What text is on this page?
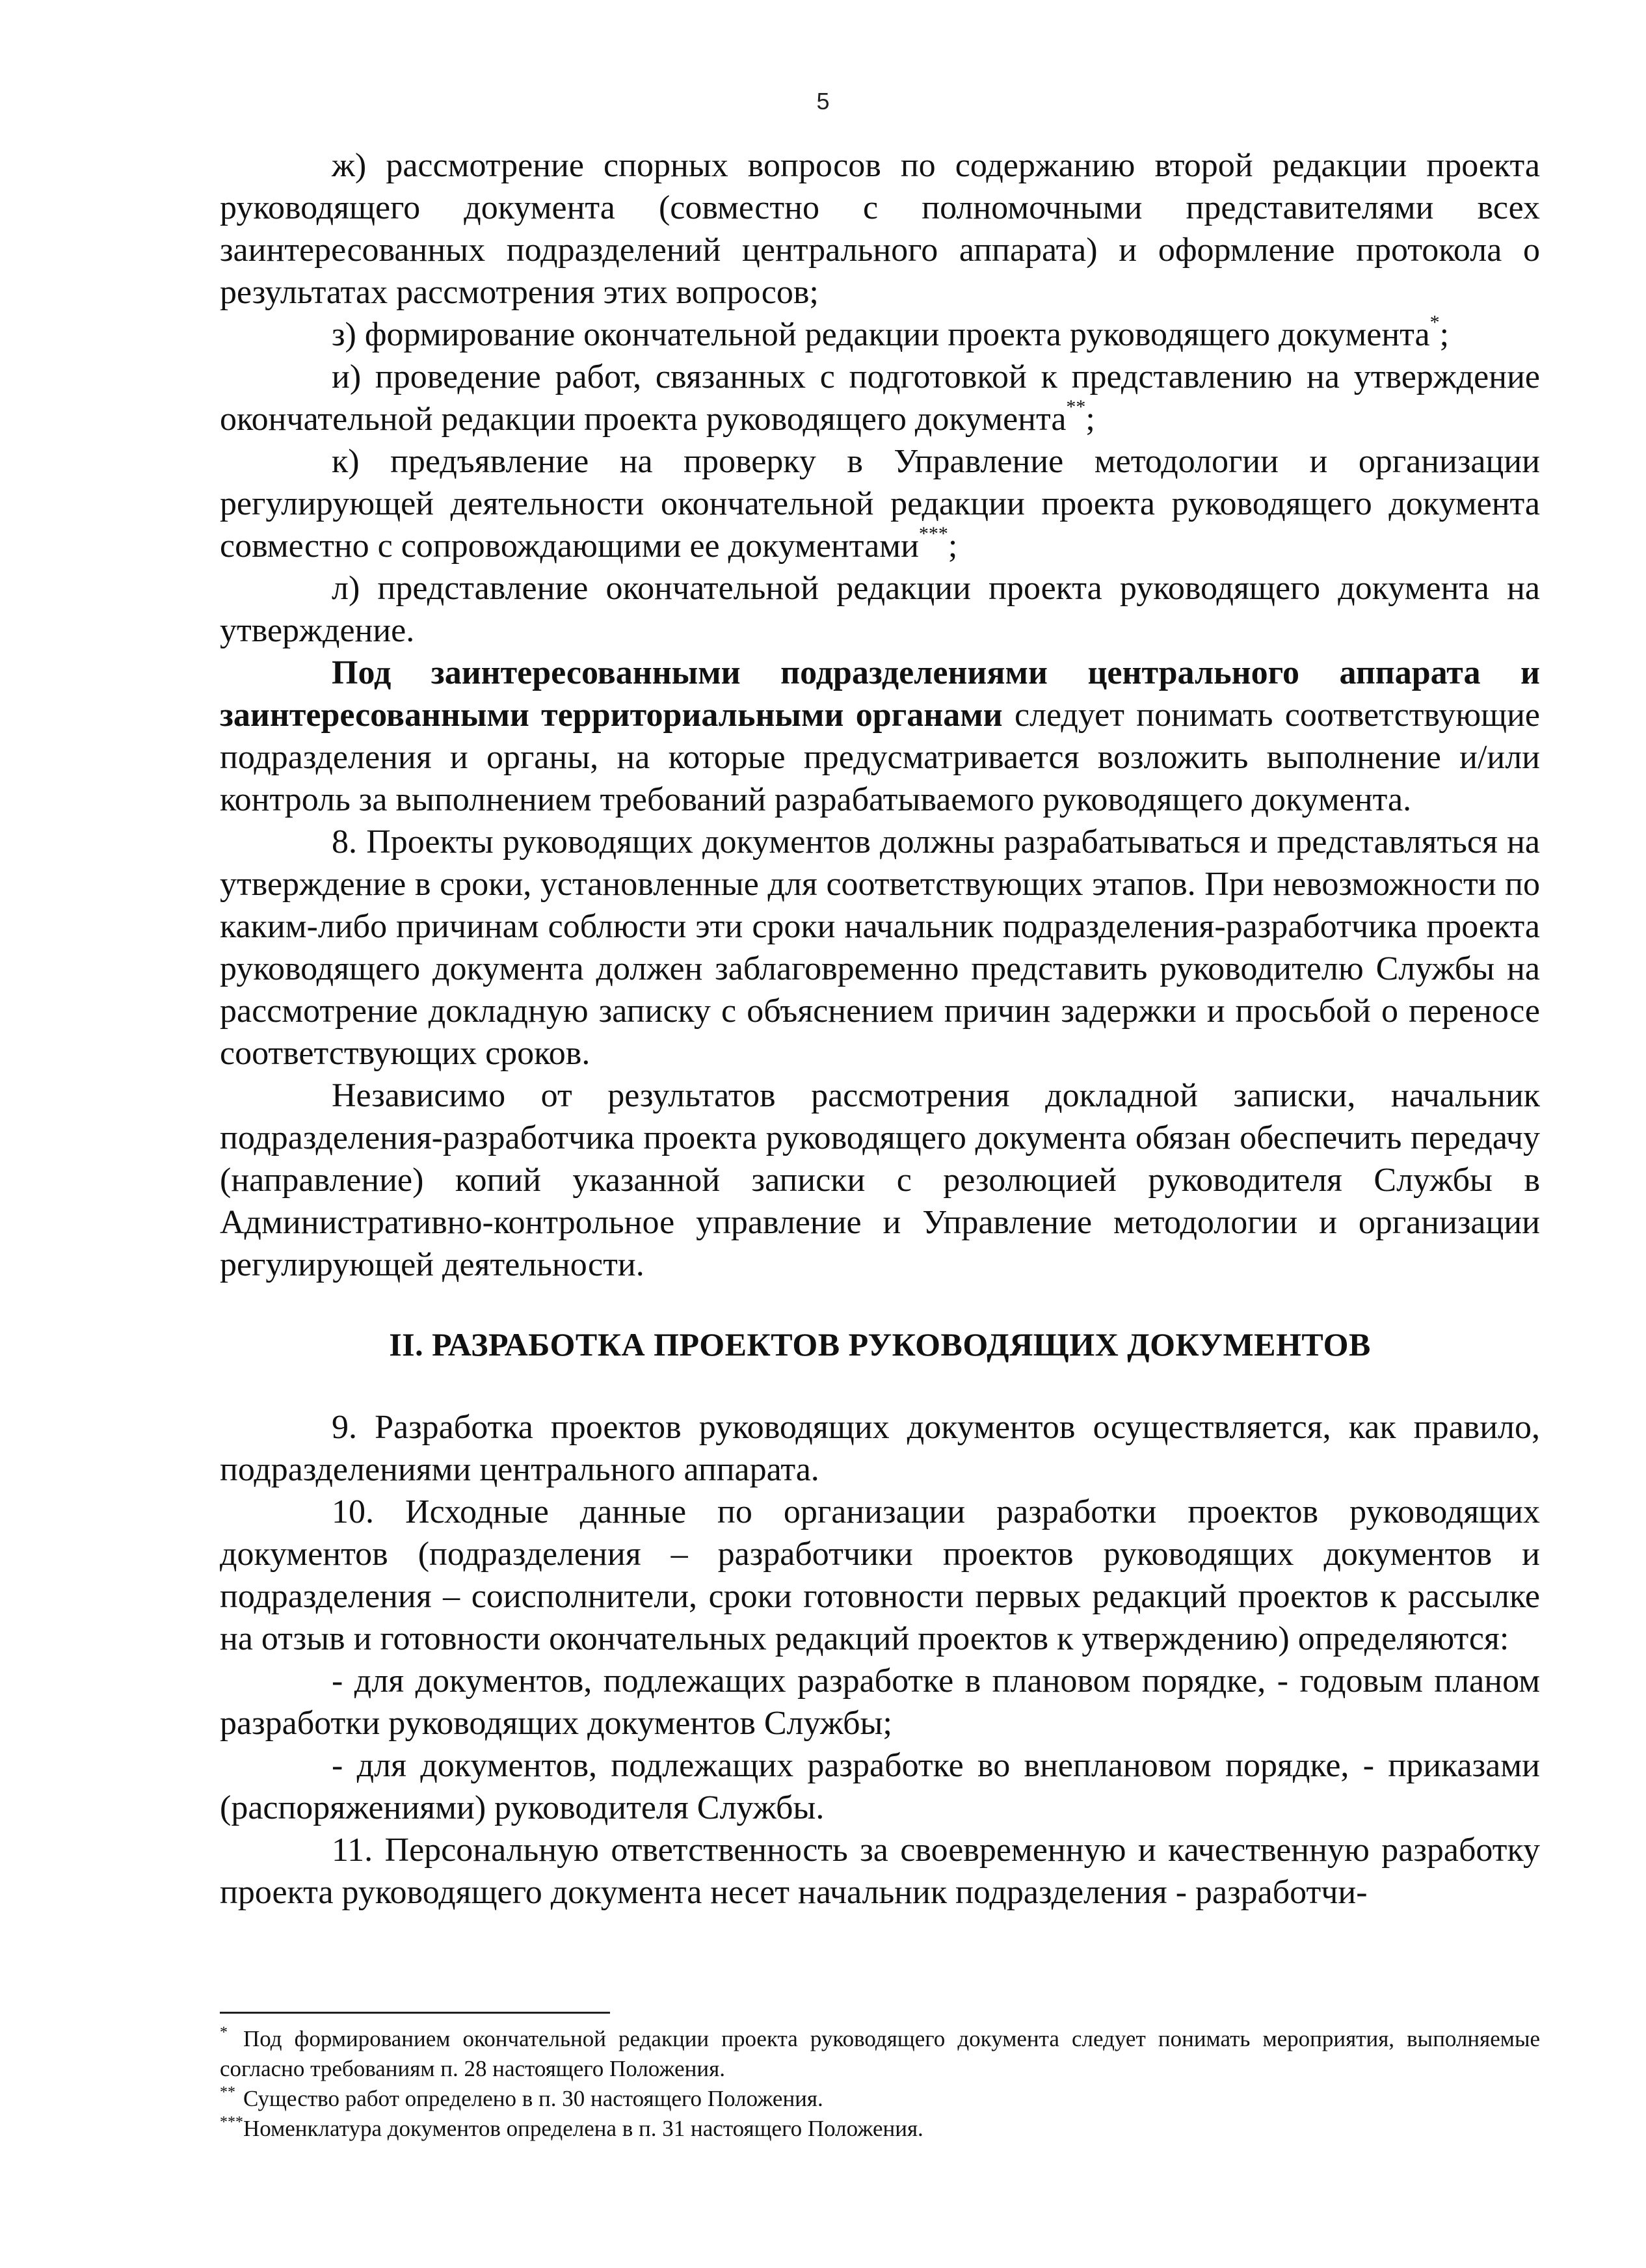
5

ж) рассмотрение спорных вопросов по содержанию второй редакции проекта руководящего документа (совместно с полномочными представителями всех заинтересованных подразделений центрального аппарата) и оформление протокола о результатах рассмотрения этих вопросов;

з) формирование окончательной редакции проекта руководящего документа*;

и) проведение работ, связанных с подготовкой к представлению на утверждение окончательной редакции проекта руководящего документа**;

к) предъявление на проверку в Управление методологии и организации регулирующей деятельности окончательной редакции проекта руководящего документа совместно с сопровождающими ее документами***;

л) представление окончательной редакции проекта руководящего документа на утверждение.

Под заинтересованными подразделениями центрального аппарата и заинтересованными территориальными органами следует понимать соответствующие подразделения и органы, на которые предусматривается возложить выполнение и/или контроль за выполнением требований разрабатываемого руководящего документа.

8. Проекты руководящих документов должны разрабатываться и представляться на утверждение в сроки, установленные для соответствующих этапов. При невозможности по каким-либо причинам соблюсти эти сроки начальник подразделения-разработчика проекта руководящего документа должен заблаговременно представить руководителю Службы на рассмотрение докладную записку с объяснением причин задержки и просьбой о переносе соответствующих сроков.

Независимо от результатов рассмотрения докладной записки, начальник подразделения-разработчика проекта руководящего документа обязан обеспечить передачу (направление) копий указанной записки с резолюцией руководителя Службы в Административно-контрольное управление и Управление методологии и организации регулирующей деятельности.

II. РАЗРАБОТКА ПРОЕКТОВ РУКОВОДЯЩИХ ДОКУМЕНТОВ

9. Разработка проектов руководящих документов осуществляется, как правило, подразделениями центрального аппарата.

10. Исходные данные по организации разработки проектов руководящих документов (подразделения – разработчики проектов руководящих документов и подразделения – соисполнители, сроки готовности первых редакций проектов к рассылке на отзыв и готовности окончательных редакций проектов к утверждению) определяются:

- для документов, подлежащих разработке в плановом порядке, - годовым планом разработки руководящих документов Службы;

- для документов, подлежащих разработке во внеплановом порядке, - приказами (распоряжениями) руководителя Службы.

11. Персональную ответственность за своевременную и качественную разработку проекта руководящего документа несет начальник подразделения - разработчи-

* Под формированием окончательной редакции проекта руководящего документа следует понимать мероприятия, выполняемые согласно требованиям п. 28 настоящего Положения.

** Существо работ определено в п. 30 настоящего Положения.

***Номенклатура документов определена в п. 31 настоящего Положения.
